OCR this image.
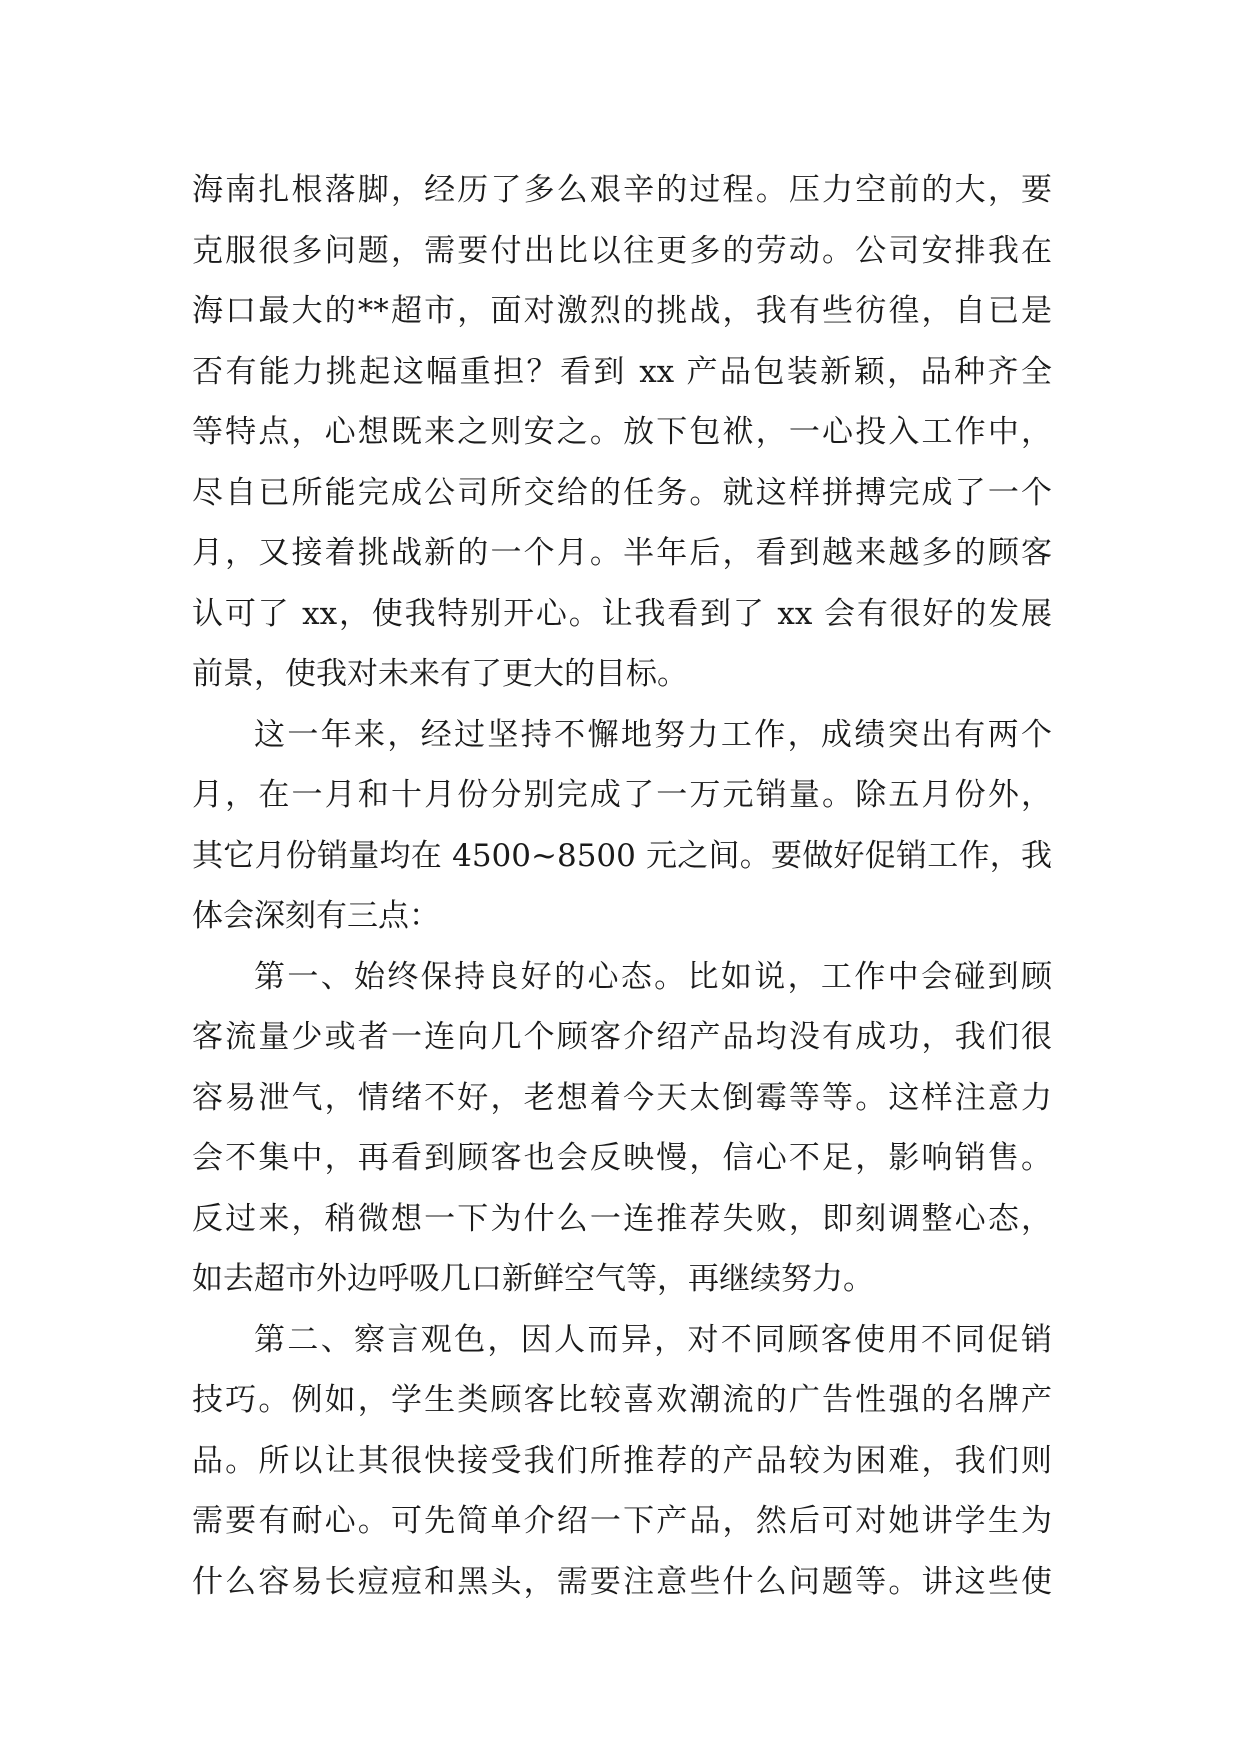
海南扎根落脚，经历了多么艰辛的过程。压力空前的大，要
克服很多问题，需要付出比以往更多的劳动。公司安排我在
海口最大的**超市，面对激烈的挑战，我有些彷徨，自已是
否有能力挑起这幅重担？看到 xx 产品包装新颖，品种齐全
等特点，心想既来之则安之。放下包袱，一心投入工作中，
尽自已所能完成公司所交给的任务。就这样拼搏完成了一个
月，又接着挑战新的一个月。半年后，看到越来越多的顾客
认可了 xx，使我特别开心。让我看到了 xx 会有很好的发展
前景，使我对未来有了更大的目标。

这一年来，经过坚持不懈地努力工作，成绩突出有两个
月，在一月和十月份分别完成了一万元销量。除五月份外，
其它月份销量均在 4500~8500 元之间。要做好促销工作，我
体会深刻有三点：

第一、始终保持良好的心态。比如说，工作中会碰到顾
客流量少或者一连向几个顾客介绍产品均没有成功，我们很
容易泄气，情绪不好，老想着今天太倒霉等等。这样注意力
会不集中，再看到顾客也会反映慢，信心不足，影响销售。
反过来，稍微想一下为什么一连推荐失败，即刻调整心态，
如去超市外边呼吸几口新鲜空气等，再继续努力。

第二、察言观色，因人而异，对不同顾客使用不同促销
技巧。例如，学生类顾客比较喜欢潮流的广告性强的名牌产
品。所以让其很快接受我们所推荐的产品较为困难，我们则
需要有耐心。可先简单介绍一下产品，然后可对她讲学生为
什么容易长痘痘和黑头，需要注意些什么问题等。讲这些使
